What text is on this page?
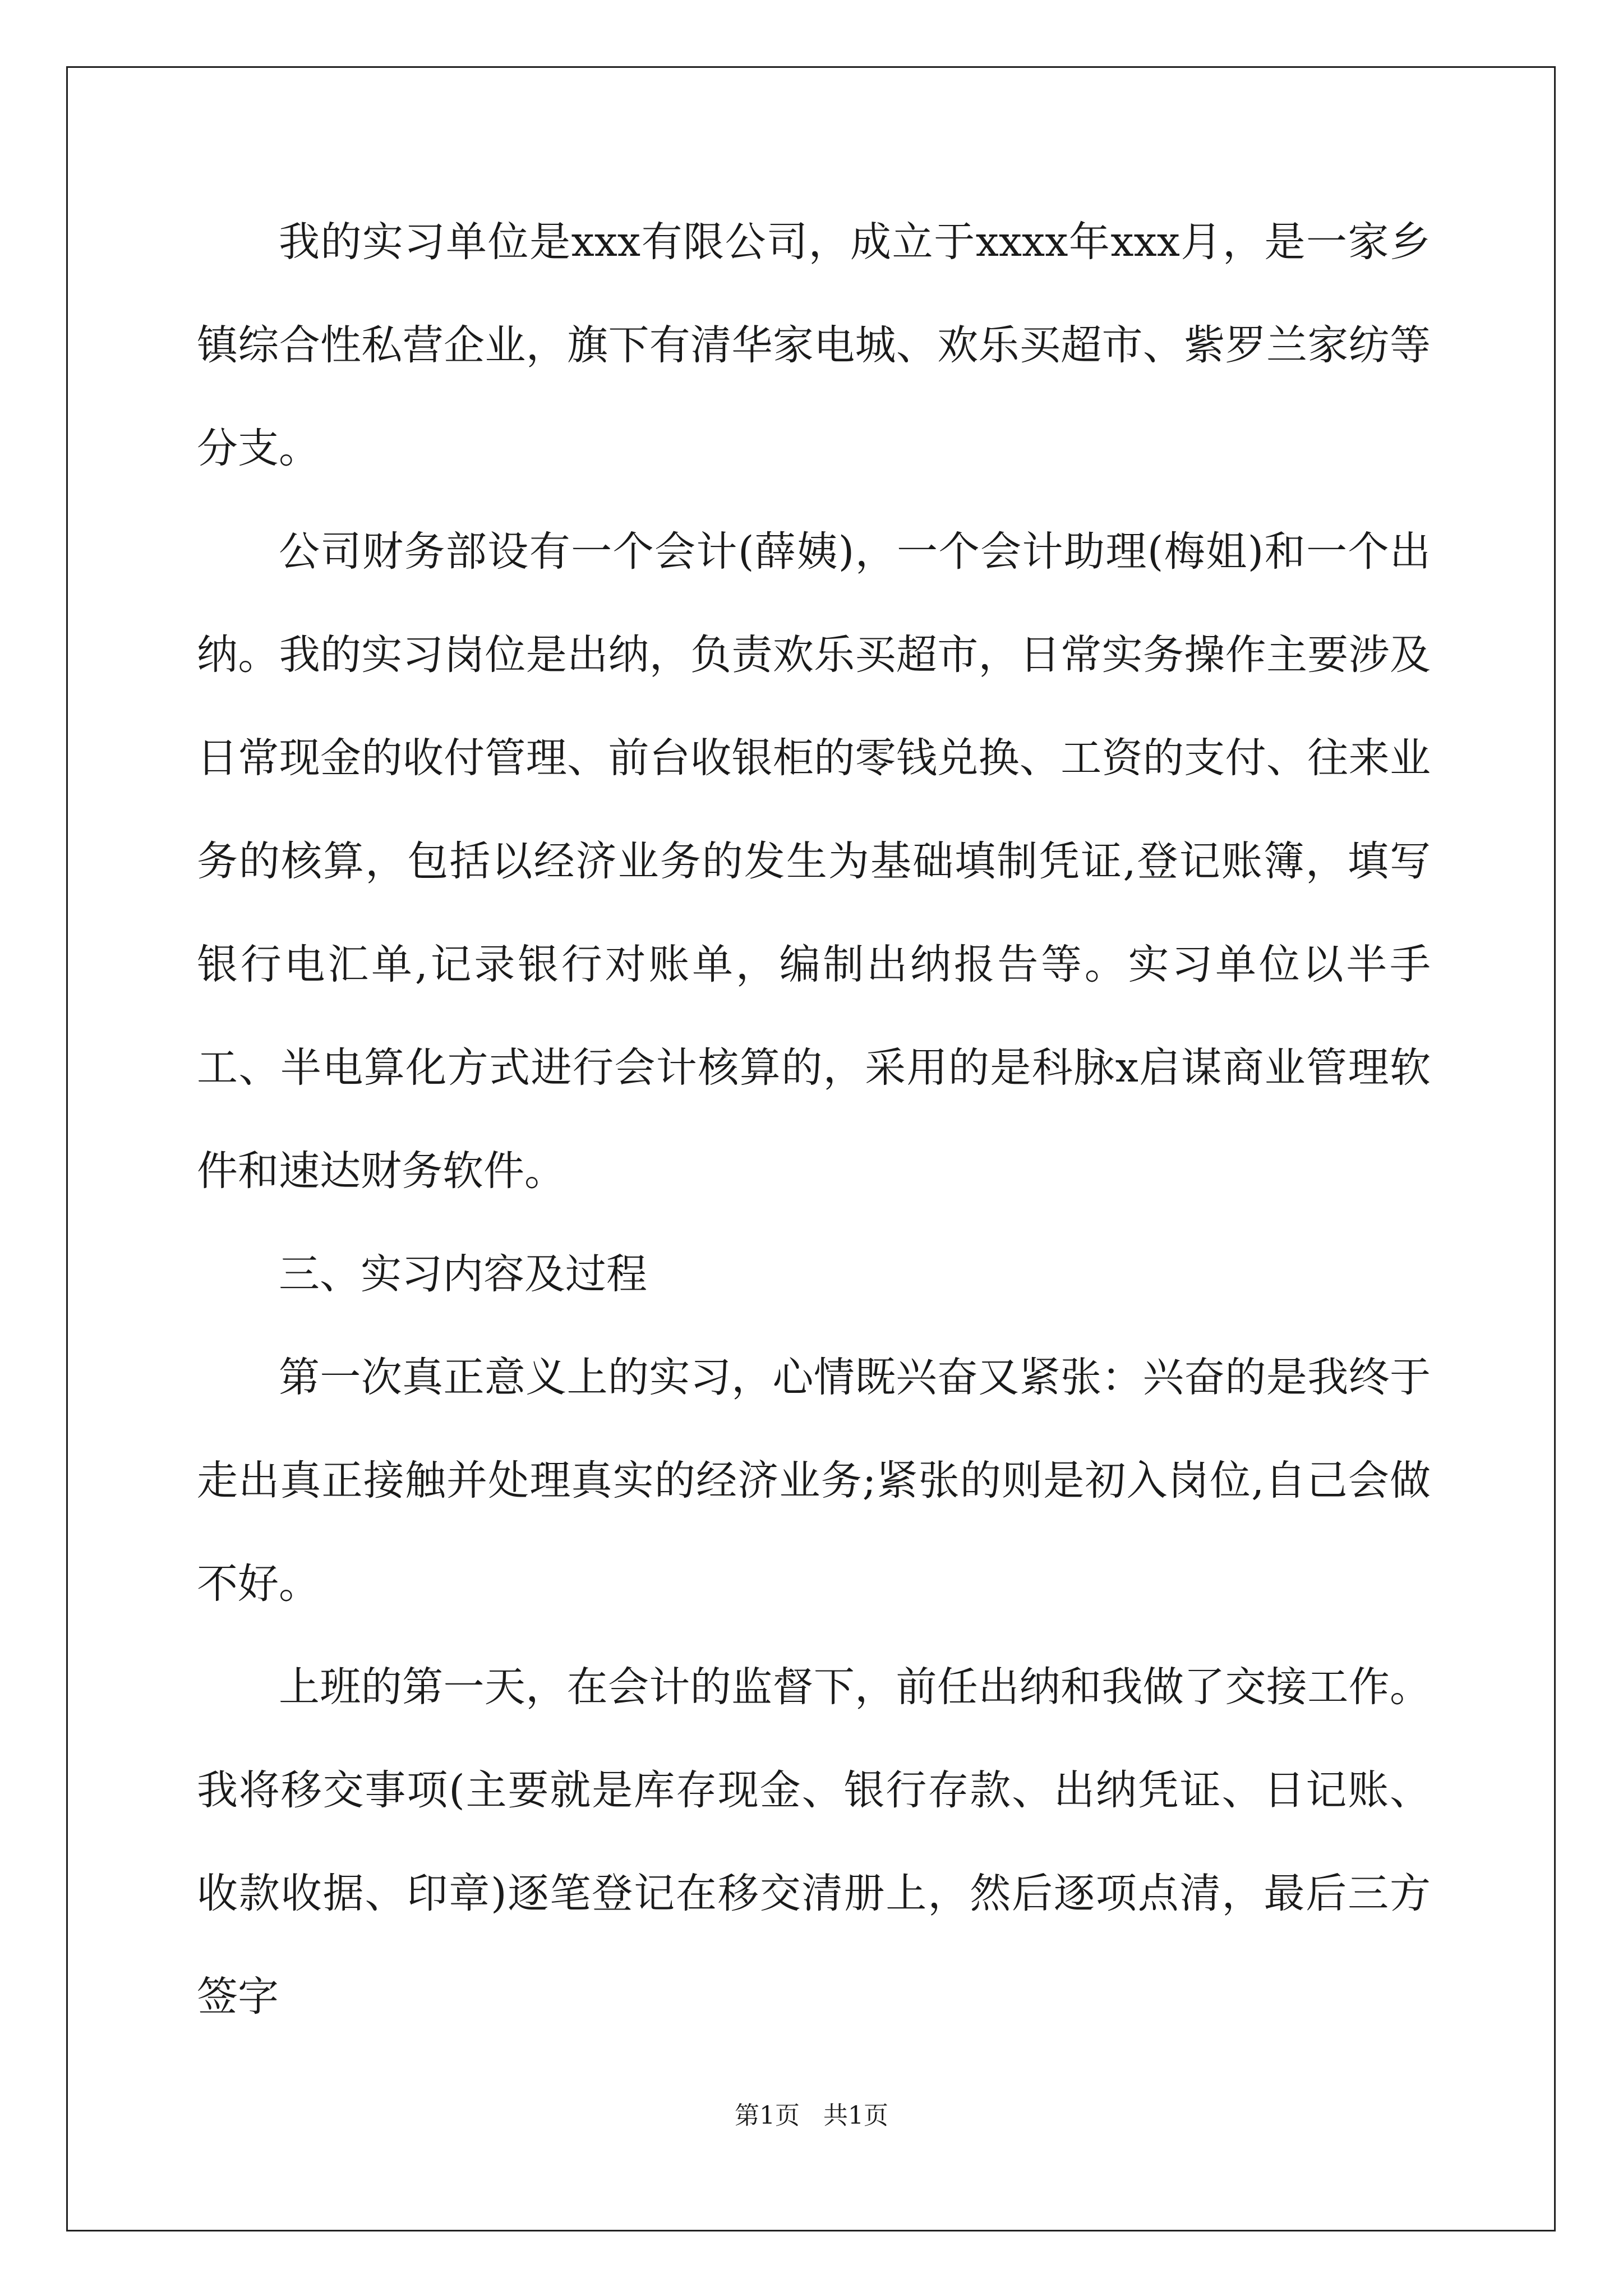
我的实习单位是xxx有限公司，成立于xxxx年xxx月，是一家乡镇综合性私营企业，旗下有清华家电城、欢乐买超市、紫罗兰家纺等分支。

公司财务部设有一个会计(薛姨)，一个会计助理(梅姐)和一个出纳。我的实习岗位是出纳，负责欢乐买超市，日常实务操作主要涉及日常现金的收付管理、前台收银柜的零钱兑换、工资的支付、往来业务的核算，包括以经济业务的发生为基础填制凭证,登记账簿，填写银行电汇单,记录银行对账单，编制出纳报告等。实习单位以半手工、半电算化方式进行会计核算的，采用的是科脉x启谋商业管理软件和速达财务软件。

三、实习内容及过程

第一次真正意义上的实习，心情既兴奋又紧张：兴奋的是我终于走出真正接触并处理真实的经济业务;紧张的则是初入岗位,自己会做不好。

上班的第一天，在会计的监督下，前任出纳和我做了交接工作。我将移交事项(主要就是库存现金、银行存款、出纳凭证、日记账、收款收据、印章)逐笔登记在移交清册上，然后逐项点清，最后三方签字

第1页 共1页
